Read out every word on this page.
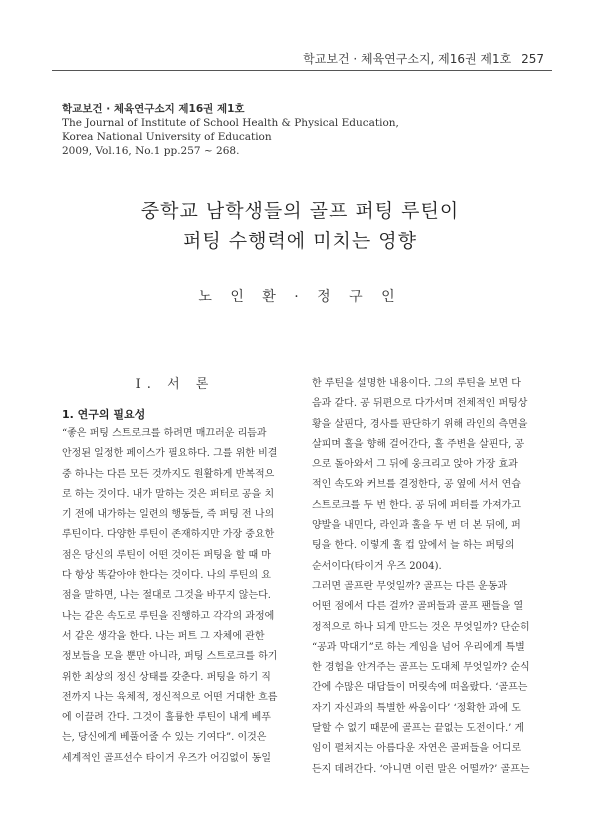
학교보건 · 체육연구소지, 제16권 제1호 257
학교보건 · 체육연구소지 제16권 제1호
The Journal of Institute of School Health & Physical Education,
Korea National University of Education
2009, Vol.16, No.1 pp.257 ~ 268.
중학교 남학생들의 골프 퍼팅 루틴이
퍼팅 수행력에 미치는 영향
노 인 환 · 정 구 인
Ⅰ. 서 론
1. 연구의 필요성
“좋은 퍼팅 스트로크를 하려면 매끄러운 리듬과
안정된 일정한 페이스가 필요하다. 그를 위한 비결
중 하나는 다른 모든 것까지도 원활하게 반복적으
로 하는 것이다. 내가 말하는 것은 퍼터로 공을 치
기 전에 내가하는 일련의 행동들, 즉 퍼팅 전 나의
루틴이다. 다양한 루틴이 존재하지만 가장 중요한
점은 당신의 루틴이 어떤 것이든 퍼팅을 할 때 마
다 항상 똑같아야 한다는 것이다. 나의 루틴의 요
점을 말하면, 나는 절대로 그것을 바꾸지 않는다.
나는 같은 속도로 루틴을 진행하고 각각의 과정에
서 같은 생각을 한다. 나는 퍼트 그 자체에 관한
정보들을 모을 뿐만 아니라, 퍼팅 스트로크를 하기
위한 최상의 정신 상태를 갖춘다. 퍼팅을 하기 직
전까지 나는 육체적, 정신적으로 어떤 거대한 흐름
에 이끌려 간다. 그것이 훌륭한 루틴이 내게 베푸
는, 당신에게 베풀어줄 수 있는 기여다”. 이것은
세계적인 골프선수 타이거 우즈가 어김없이 동일
한 루틴을 설명한 내용이다. 그의 루틴을 보면 다
음과 같다. 공 뒤편으로 다가서며 전체적인 퍼팅상
황을 살핀다, 경사를 판단하기 위해 라인의 측면을
살피며 홀을 향해 걸어간다, 홀 주변을 살핀다, 공
으로 돌아와서 그 뒤에 웅크리고 앉아 가장 효과
적인 속도와 커브를 결정한다, 공 옆에 서서 연습
스트로크를 두 번 한다. 공 뒤에 퍼터를 가져가고
양발을 내민다, 라인과 홀을 두 번 더 본 뒤에, 퍼
팅을 한다. 이렇게 홀 컵 앞에서 늘 하는 퍼팅의
순서이다(타이거 우즈 2004).
그러면 골프란 무엇일까? 골프는 다른 운동과
어떤 점에서 다른 걸까? 골퍼들과 골프 팬들을 열
정적으로 하나 되게 만드는 것은 무엇일까? 단순히
“공과 막대기”로 하는 게임을 넘어 우리에게 특별
한 경험을 안겨주는 골프는 도대체 무엇일까? 순식
간에 수많은 대답들이 머릿속에 떠올랐다. ‘골프는
자기 자신과의 특별한 싸움이다’ ‘정확한 과에 도
달할 수 없기 때문에 골프는 끝없는 도전이다.’ 게
임이 펼쳐지는 아름다운 자연은 골퍼들을 어디로
든지 데려간다. ‘아니면 이런 말은 어떨까?’ 골프는
